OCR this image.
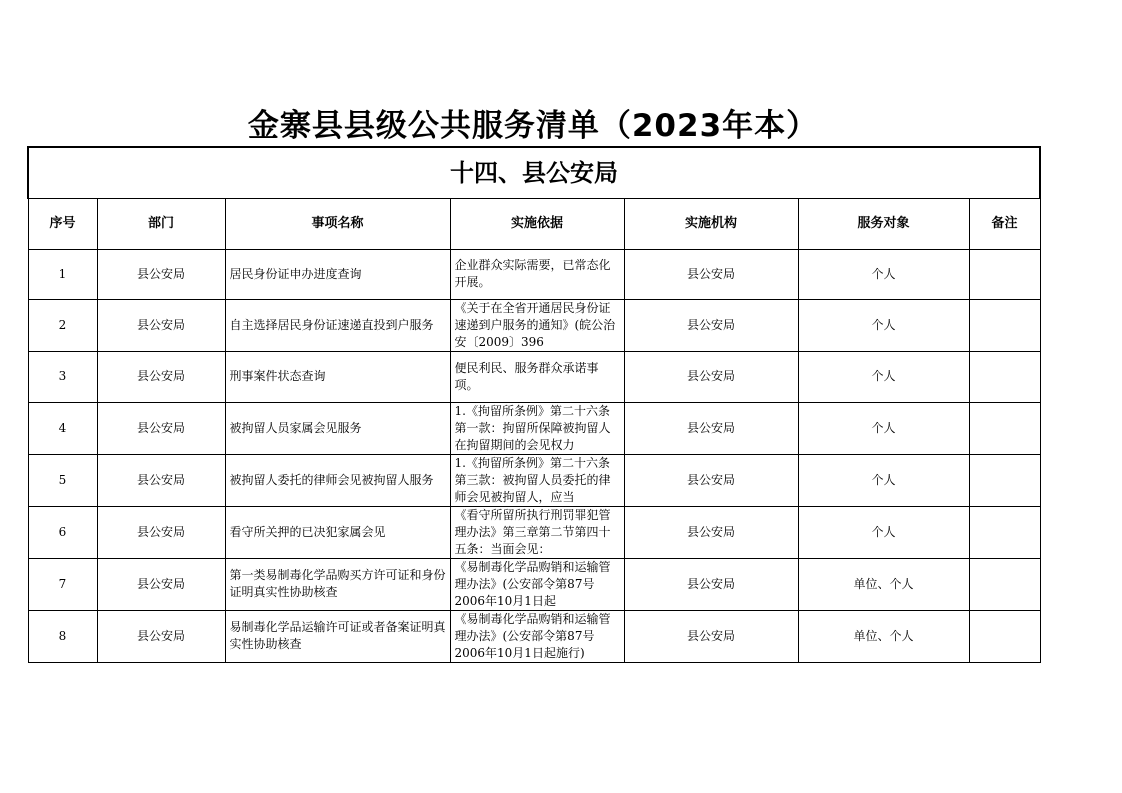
金寨县县级公共服务清单（2023年本）
十四、县公安局						
序号	部门	事项名称	实施依据	实施机构	服务对象	备注
1	县公安局	居民身份证申办进度查询	企业群众实际需要，已常态化开展。	县公安局	个人	
2	县公安局	自主选择居民身份证速递直投到户服务	《关于在全省开通居民身份证速递到户服务的通知》(皖公治安〔2009〕396	县公安局	个人	
3	县公安局	刑事案件状态查询	便民利民、服务群众承诺事项。	县公安局	个人	
4	县公安局	被拘留人员家属会见服务	1.《拘留所条例》第二十六条第一款：拘留所保障被拘留人在拘留期间的会见权力	县公安局	个人	
5	县公安局	被拘留人委托的律师会见被拘留人服务	1.《拘留所条例》第二十六条第三款：被拘留人员委托的律师会见被拘留人，应当	县公安局	个人	
6	县公安局	看守所关押的已决犯家属会见	《看守所留所执行刑罚罪犯管理办法》第三章第二节第四十五条：当面会见：	县公安局	个人	
7	县公安局	第一类易制毒化学品购买方许可证和身份证明真实性协助核查	《易制毒化学品购销和运输管理办法》(公安部令第87号　2006年10月1日起	县公安局	单位、个人	
8	县公安局	易制毒化学品运输许可证或者备案证明真实性协助核查	《易制毒化学品购销和运输管理办法》(公安部令第87号　2006年10月1日起施行)	县公安局	单位、个人	
